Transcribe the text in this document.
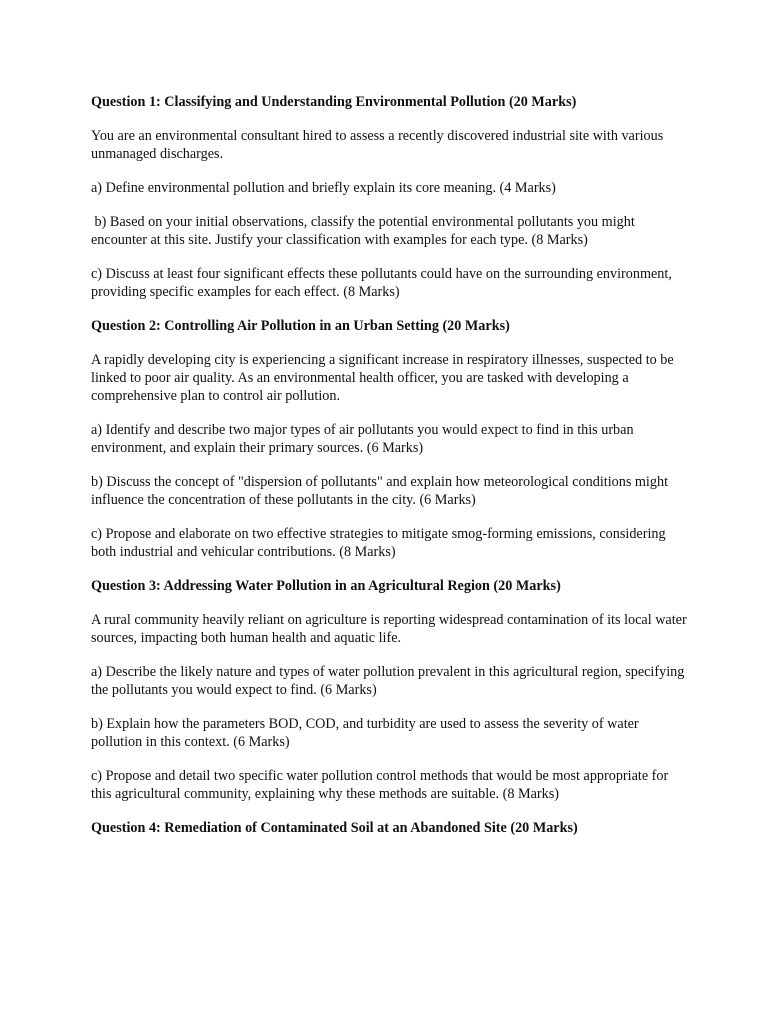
Question 1: Classifying and Understanding Environmental Pollution (20 Marks)

You are an environmental consultant hired to assess a recently discovered industrial site with various unmanaged discharges.

a) Define environmental pollution and briefly explain its core meaning. (4 Marks)

b) Based on your initial observations, classify the potential environmental pollutants you might encounter at this site. Justify your classification with examples for each type. (8 Marks)

c) Discuss at least four significant effects these pollutants could have on the surrounding environment, providing specific examples for each effect. (8 Marks)

Question 2: Controlling Air Pollution in an Urban Setting (20 Marks)

A rapidly developing city is experiencing a significant increase in respiratory illnesses, suspected to be linked to poor air quality. As an environmental health officer, you are tasked with developing a comprehensive plan to control air pollution.

a) Identify and describe two major types of air pollutants you would expect to find in this urban environment, and explain their primary sources. (6 Marks)

b) Discuss the concept of "dispersion of pollutants" and explain how meteorological conditions might influence the concentration of these pollutants in the city. (6 Marks)

c) Propose and elaborate on two effective strategies to mitigate smog-forming emissions, considering both industrial and vehicular contributions. (8 Marks)

Question 3: Addressing Water Pollution in an Agricultural Region (20 Marks)

A rural community heavily reliant on agriculture is reporting widespread contamination of its local water sources, impacting both human health and aquatic life.

a) Describe the likely nature and types of water pollution prevalent in this agricultural region, specifying the pollutants you would expect to find. (6 Marks)

b) Explain how the parameters BOD, COD, and turbidity are used to assess the severity of water pollution in this context. (6 Marks)

c) Propose and detail two specific water pollution control methods that would be most appropriate for this agricultural community, explaining why these methods are suitable. (8 Marks)

Question 4: Remediation of Contaminated Soil at an Abandoned Site (20 Marks)
